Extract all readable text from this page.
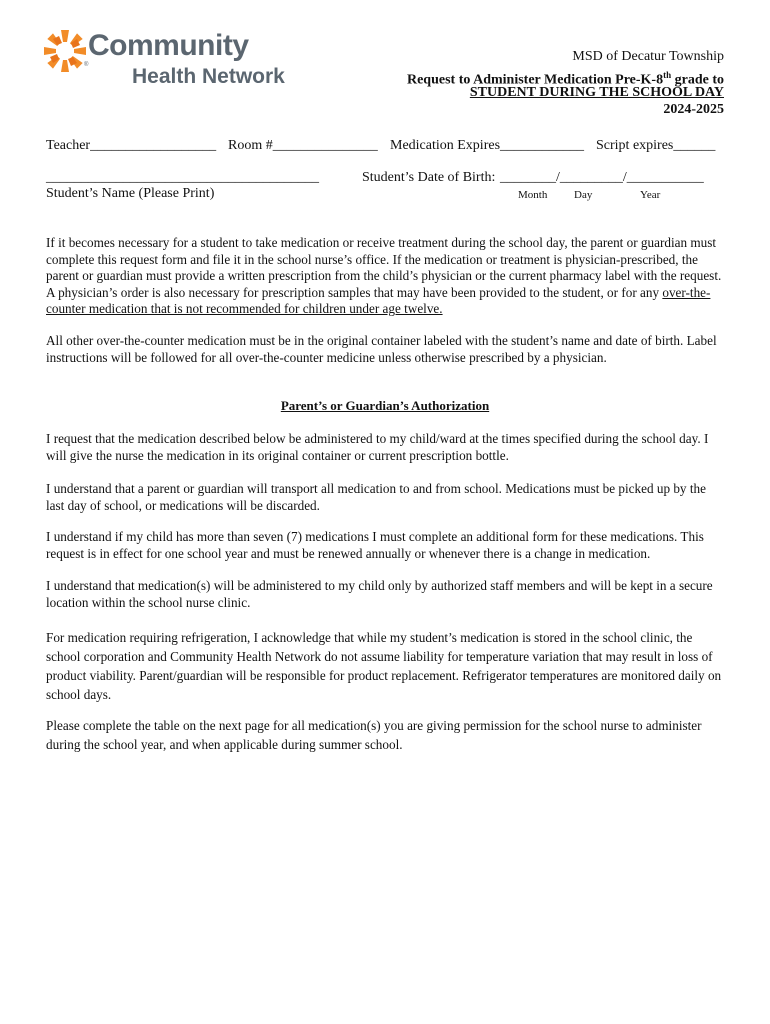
Community
Health Network
®
MSD of Decatur Township
Request to Administer Medication Pre-K-8th grade to
STUDENT DURING THE SCHOOL DAY
2024-2025
Teacher__________________ Room #_______________ Medication Expires____________ Script expires______
_______________________________________
Student’s Name (Please Print)
Student’s Date of Birth: ________/_________/___________
Month Day	Year
If it becomes necessary for a student to take medication or receive treatment during the school day, the parent or guardian must complete this request form and file it in the school nurse’s office. If the medication or treatment is physician-prescribed, the parent or guardian must provide a written prescription from the child’s physician or the current pharmacy label with the request. A physician’s order is also necessary for prescription samples that may have been provided to the student, or for any over-the-counter medication that is not recommended for children under age twelve.
All other over-the-counter medication must be in the original container labeled with the student’s name and date of birth. Label instructions will be followed for all over-the-counter medicine unless otherwise prescribed by a physician.
Parent’s or Guardian’s Authorization
I request that the medication described below be administered to my child/ward at the times specified during the school day. I will give the nurse the medication in its original container or current prescription bottle.
I understand that a parent or guardian will transport all medication to and from school. Medications must be picked up by the last day of school, or medications will be discarded.
I understand if my child has more than seven (7) medications I must complete an additional form for these medications. This request is in effect for one school year and must be renewed annually or whenever there is a change in medication.
I understand that medication(s) will be administered to my child only by authorized staff members and will be kept in a secure location within the school nurse clinic.
For medication requiring refrigeration, I acknowledge that while my student’s medication is stored in the school clinic, the school corporation and Community Health Network do not assume liability for temperature variation that may result in loss of product viability. Parent/guardian will be responsible for product replacement. Refrigerator temperatures are monitored daily on school days.
Please complete the table on the next page for all medication(s) you are giving permission for the school nurse to administer during the school year, and when applicable during summer school.
